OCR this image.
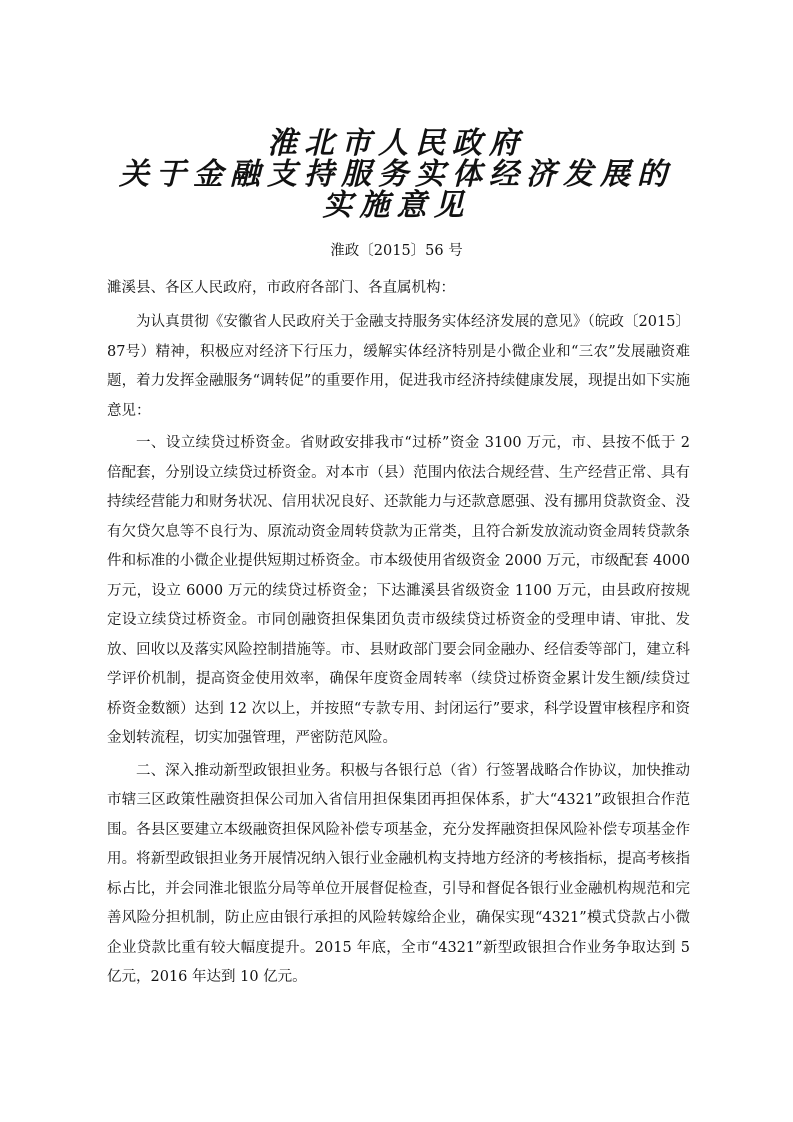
淮北市人民政府
关于金融支持服务实体经济发展的
实施意见
淮政〔2015〕56 号
濉溪县、各区人民政府，市政府各部门、各直属机构：

为认真贯彻《安徽省人民政府关于金融支持服务实体经济发展的意见》（皖政〔2015〕87号）精神，积极应对经济下行压力，缓解实体经济特别是小微企业和“三农”发展融资难题，着力发挥金融服务“调转促”的重要作用，促进我市经济持续健康发展，现提出如下实施意见：

一、设立续贷过桥资金。省财政安排我市“过桥”资金 3100 万元，市、县按不低于 2 倍配套，分别设立续贷过桥资金。对本市（县）范围内依法合规经营、生产经营正常、具有持续经营能力和财务状况、信用状况良好、还款能力与还款意愿强、没有挪用贷款资金、没有欠贷欠息等不良行为、原流动资金周转贷款为正常类，且符合新发放流动资金周转贷款条件和标准的小微企业提供短期过桥资金。市本级使用省级资金 2000 万元，市级配套 4000 万元，设立 6000 万元的续贷过桥资金；下达濉溪县省级资金 1100 万元，由县政府按规定设立续贷过桥资金。市同创融资担保集团负责市级续贷过桥资金的受理申请、审批、发放、回收以及落实风险控制措施等。市、县财政部门要会同金融办、经信委等部门，建立科学评价机制，提高资金使用效率，确保年度资金周转率（续贷过桥资金累计发生额/续贷过桥资金数额）达到 12 次以上，并按照“专款专用、封闭运行”要求，科学设置审核程序和资金划转流程，切实加强管理，严密防范风险。

二、深入推动新型政银担业务。积极与各银行总（省）行签署战略合作协议，加快推动市辖三区政策性融资担保公司加入省信用担保集团再担保体系，扩大“4321”政银担合作范围。各县区要建立本级融资担保风险补偿专项基金，充分发挥融资担保风险补偿专项基金作用。将新型政银担业务开展情况纳入银行业金融机构支持地方经济的考核指标，提高考核指标占比，并会同淮北银监分局等单位开展督促检查，引导和督促各银行业金融机构规范和完善风险分担机制，防止应由银行承担的风险转嫁给企业，确保实现“4321”模式贷款占小微企业贷款比重有较大幅度提升。2015 年底，全市“4321”新型政银担合作业务争取达到 5 亿元，2016 年达到 10 亿元。
